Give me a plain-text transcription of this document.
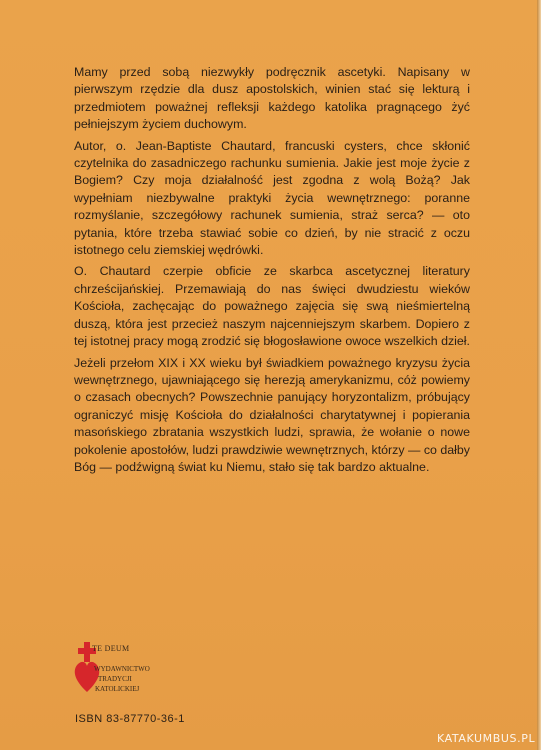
Mamy przed sobą niezwykły podręcznik ascetyki. Napisany w pierwszym rzędzie dla dusz apostolskich, winien stać się lekturą i przedmiotem poważnej refleksji każdego katolika pragnącego żyć pełniejszym życiem duchowym.

Autor, o. Jean-Baptiste Chautard, francuski cysters, chce skłonić czytelnika do zasadniczego rachunku sumienia. Jakie jest moje życie z Bogiem? Czy moja działalność jest zgodna z wolą Bożą? Jak wypełniam niezbywalne praktyki życia wewnętrznego: poranne rozmyślanie, szczegółowy rachunek sumienia, straż serca? — oto pytania, które trzeba stawiać sobie co dzień, by nie stracić z oczu istotnego celu ziemskiej wędrówki.

O. Chautard czerpie obficie ze skarbca ascetycznej literatury chrześcijańskiej. Przemawiają do nas święci dwudziestu wieków Kościoła, zachęcając do poważnego zajęcia się swą nieśmiertelną duszą, która jest przecież naszym najcenniejszym skarbem. Dopiero z tej istotnej pracy mogą zrodzić się błogosławione owoce wszelkich dzieł.

Jeżeli przełom XIX i XX wieku był świadkiem poważnego kryzysu życia wewnętrznego, ujawniającego się herezją amerykanizmu, cóż powiemy o czasach obecnych? Powszechnie panujący horyzontalizm, próbujący ograniczyć misję Kościoła do działalności charytatywnej i popierania masońskiego zbratania wszystkich ludzi, sprawia, że wołanie o nowe pokolenie apostołów, ludzi prawdziwie wewnętrznych, którzy — co dałby Bóg — podźwigną świat ku Niemu, stało się tak bardzo aktualne.

TE DEUM
WYDAWNICTWO
TRADYCJI
KATOLICKIEJ
ISBN 83-87770-36-1
KATAKUMBUS.PL
